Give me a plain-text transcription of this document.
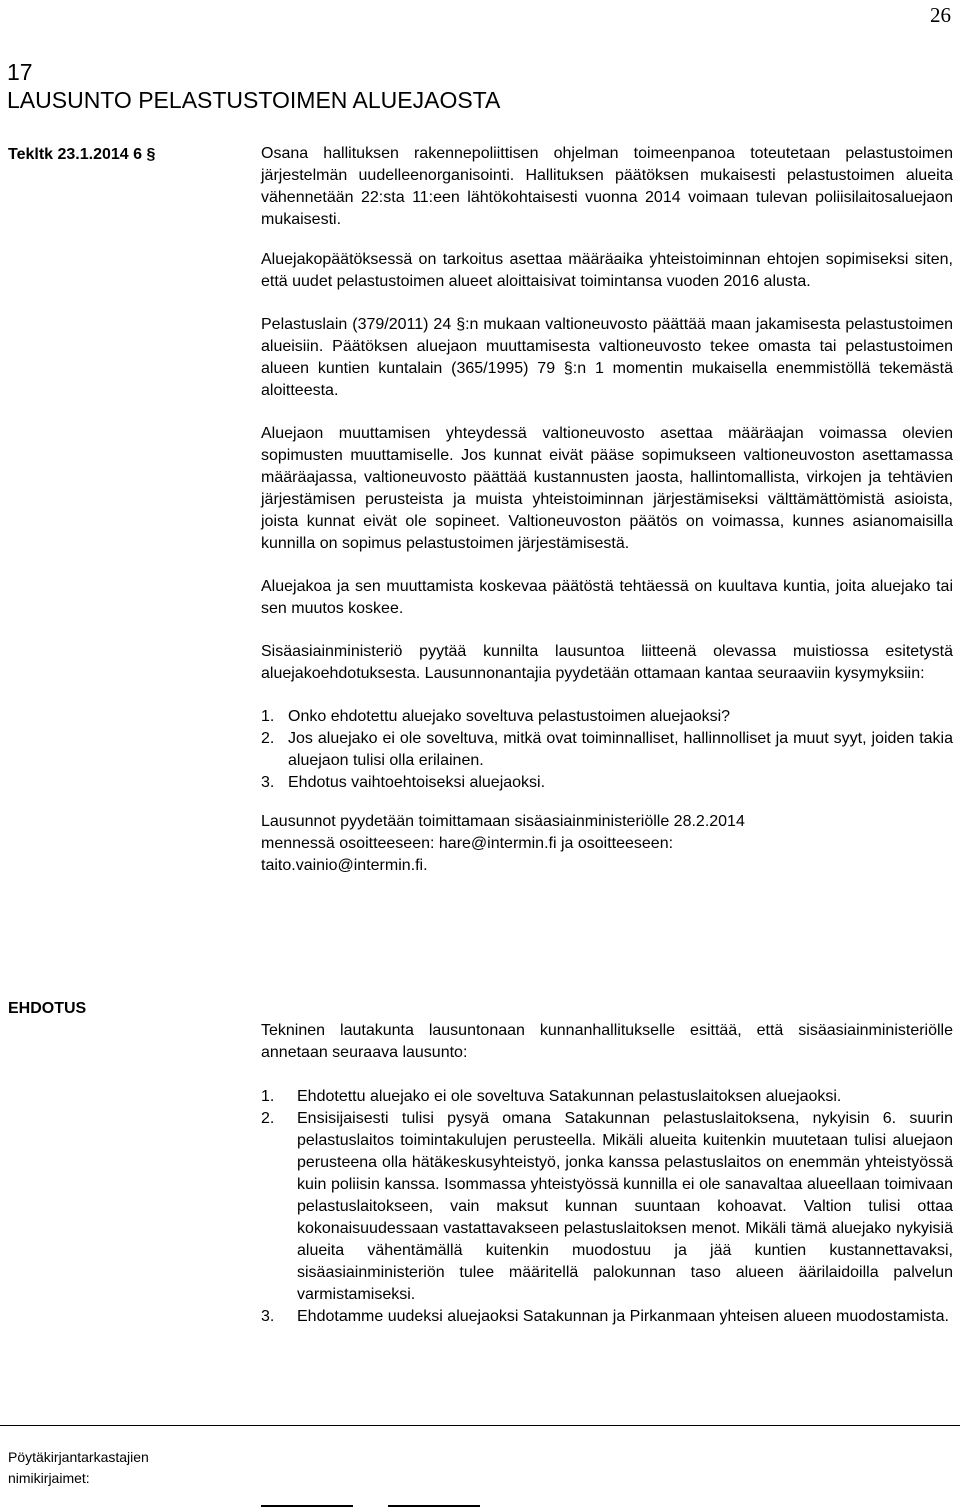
26
17
LAUSUNTO PELASTUSTOIMEN ALUEJAOSTA
Tekltk 23.1.2014 6 §	Osana hallituksen rakennepoliittisen ohjelman toimeenpanoa toteutetaan pelastustoimen järjestelmän uudelleenorganisointi. Hallituksen päätöksen mukaisesti pelastustoimen alueita vähennetään 22:sta 11:een lähtökohtaisesti vuonna 2014 voimaan tulevan poliisilaitosaluejaon mukaisesti.

Aluejakopäätöksessä on tarkoitus asettaa määräaika yhteistoiminnan ehtojen sopimiseksi siten, että uudet pelastustoimen alueet aloittaisivat toimintansa vuoden 2016 alusta.

Pelastuslain (379/2011) 24 §:n mukaan valtioneuvosto päättää maan jakamisesta pelastustoimen alueisiin. Päätöksen aluejaon muuttamisesta valtioneuvosto tekee omasta tai pelastustoimen alueen kuntien kuntalain (365/1995) 79 §:n 1 momentin mukaisella enemmistöllä tekemästä aloitteesta.

Aluejaon muuttamisen yhteydessä valtioneuvosto asettaa määräajan voimassa olevien sopimusten muuttamiselle. Jos kunnat eivät pääse sopimukseen valtioneuvoston asettamassa määräajassa, valtioneuvosto päättää kustannusten jaosta, hallintomallista, virkojen ja tehtävien järjestämisen perusteista ja muista yhteistoiminnan järjestämiseksi välttämättömistä asioista, joista kunnat eivät ole sopineet. Valtioneuvoston päätös on voimassa, kunnes asianomaisilla kunnilla on sopimus pelastustoimen järjestämisestä.

Aluejakoa ja sen muuttamista koskevaa päätöstä tehtäessä on kuultava kuntia, joita aluejako tai sen muutos koskee.

Sisäasiainministeriö pyytää kunnilta lausuntoa liitteenä olevassa muistiossa esitetystä aluejakoehdotuksesta. Lausunnonantajia pyydetään ottamaan kantaa seuraaviin kysymyksiin:

1. Onko ehdotettu aluejako soveltuva pelastustoimen aluejaoksi?
2. Jos aluejako ei ole soveltuva, mitkä ovat toiminnalliset, hallinnolliset ja muut syyt, joiden takia aluejaon tulisi olla erilainen.
3. Ehdotus vaihtoehtoiseksi aluejaoksi.
Lausunnot pyydetään toimittamaan sisäasiainministeriölle 28.2.2014
mennessä osoitteeseen: hare@intermin.fi ja osoitteeseen:
taito.vainio@intermin.fi.
EHDOTUS

Tekninen lautakunta lausuntonaan kunnanhallitukselle esittää, että sisäasiainministeriölle annetaan seuraava lausunto:

1.	Ehdotettu aluejako ei ole soveltuva Satakunnan pelastuslaitoksen aluejaoksi.
2.	Ensisijaisesti tulisi pysyä omana Satakunnan pelastuslaitoksena, nykyisin 6. suurin pelastuslaitos toimintakulujen perusteella. Mikäli alueita kuitenkin muutetaan tulisi aluejaon perusteena olla hätäkeskusyhteistyö, jonka kanssa pelastuslaitos on enemmän yhteistyössä kuin poliisin kanssa. Isommassa yhteistyössä kunnilla ei ole sanavaltaa alueellaan toimivaan pelastuslaitokseen, vain maksut kunnan suuntaan kohoavat. Valtion tulisi ottaa kokonaisuudessaan vastattavakseen pelastuslaitoksen menot. Mikäli tämä aluejako nykyisiä alueita vähentämällä kuitenkin muodostuu ja jää kuntien kustannettavaksi, sisäasiainministeriön tulee määritellä palokunnan taso alueen äärilaidoilla palvelun varmistamiseksi.
3.	Ehdotamme uudeksi aluejaoksi Satakunnan ja Pirkanmaan yhteisen alueen muodostamista.
Pöytäkirjantarkastajien nimikirjaimet:
